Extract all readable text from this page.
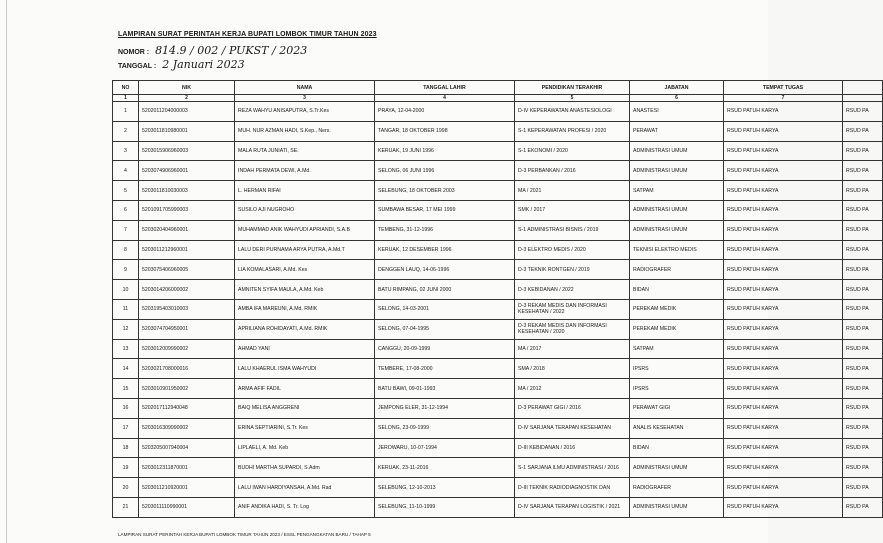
LAMPIRAN SURAT PERINTAH KERJA BUPATI LOMBOK TIMUR TAHUN 2023
NOMOR : 814.9 / 002 / PUKST / 2023
TANGGAL : 2 Januari 2023
NO	NIK	NAMA	TANGGAL LAHIR	PENDIDIKAN TERAKHIR	JABATAN	TEMPAT TUGAS	
1	2	3	4	5	6	7	
1	5202011204000003	REZA WAHYU ANISAPUTRA, S.Tr.Kes	PRAYA, 12-04-2000	D-IV KEPERAWATAN ANASTESIOLOGI	ANASTESI	RSUD PATUH KARYA	RSUD PA
2	5203011810980001	MUH. NUR AZMAN HADI, S.Kep., Ners.	TANGAR, 18 OKTOBER 1998	S-1 KEPERAWATAN PROFESI / 2020	PERAWAT	RSUD PATUH KARYA	RSUD PA
3	5203015906960003	MALA RUTA JUNIATI, SE.	KERUAK, 19 JUNI 1996	S-1 EKONOMI / 2020	ADMINISTRASI UMUM	RSUD PATUH KARYA	RSUD PA
4	5203074906960001	INDAH PERMATA DEWI, A.Md.	SELONG, 06 JUNI 1996	D-3 PERBANKAN / 2016	ADMINISTRASI UMUM	RSUD PATUH KARYA	RSUD PA
5	5203011810030003	L. HERMAN RIFAI	SELEBUNG, 18 OKTOBER 2003	MA / 2021	SATPAM	RSUD PATUH KARYA	RSUD PA
6	5201091705990003	SUSILO AJI NUGROHO	SUMBAWA BESAR, 17 MEI 1999	SMK / 2017	ADMINISTRASI UMUM	RSUD PATUH KARYA	RSUD PA
7	5203020404960001	MUHAMMAD ANIK WAHYUDI APRIANDI, S.A.B	TEMBENG, 31-12-1996	S-1 ADMINISTRASI BISNIS / 2019	ADMINISTRASI UMUM	RSUD PATUH KARYA	RSUD PA
8	5203011212960001	LALU DERI PURNAMA ARYA PUTRA, A.Md.T	KERUAK, 12 DESEMBER 1996	D-3 ELEKTRO MEDIS / 2020	TEKNISI ELEKTRO MEDIS	RSUD PATUH KARYA	RSUD PA
9	5203075406960005	LIA KOMALASARI, A.Md. Kes	DENGGEN LAUQ, 14-06-1996	D-3 TEKNIK RONTGEN / 2019	RADIOGRAFER	RSUD PATUH KARYA	RSUD PA
10	5203014206000002	AMNITEN SYIFA MAULA, A.Md. Keb	BATU RIMPANG, 02 JUNI 2000	D-3 KEBIDANAN / 2022	BIDAN	RSUD PATUH KARYA	RSUD PA
11	5203195403010003	AMBA IFA MAREUNI, A.Md. RMIK	SELONG, 14-03-2001	D-3 REKAM MEDIS DAN INFORMASI KESEHATAN / 2022	PEREKAM MEDIK	RSUD PATUH KARYA	RSUD PA
12	5203074704950001	APRILIANA ROHIDAYATI, A.Md. RMIK	SELONG, 07-04-1995	D-3 REKAM MEDIS DAN INFORMASI KESEHATAN / 2020	PEREKAM MEDIK	RSUD PATUH KARYA	RSUD PA
13	5203012009990002	AHMAD YANI	CANGGU, 20-09-1999	MA / 2017	SATPAM	RSUD PATUH KARYA	RSUD PA
14	5203021708000016	LALU KHAERUL ISMA WAHYUDI	TEMBERE, 17-08-2000	SMA / 2018	IPSRS	RSUD PATUH KARYA	RSUD PA
15	5203010901950002	ARMA AFIF FADIL	BATU BAWI, 09-01-1993	MA / 2012	IPSRS	RSUD PATUH KARYA	RSUD PA
16	5202017112940048	BAIQ MELISA ANGGRENI	JEMPONG ELER, 31-12-1994	D-3 PERAWAT GIGI / 2016	PERAWAT GIGI	RSUD PATUH KARYA	RSUD PA
17	5203016309990002	ERINA SEPTIARINI, S.Tr. Kes	SELONG, 23-09-1999	D-IV SARJANA TERAPAN KESEHATAN	ANALIS KESEHATAN	RSUD PATUH KARYA	RSUD PA
18	5203205007940004	LIPLAELI, A. Md. Keb	JEROWARU, 10-07-1994	D-III KEBIDANAN / 2016	BIDAN	RSUD PATUH KARYA	RSUD PA
19	5203012311870001	BUDHI MARTHA SUPARDI, S.Adm	KERUAK, 23-11-2016	S-1 SARJANA ILMU ADMINISTRASI / 2016	ADMINISTRASI UMUM	RSUD PATUH KARYA	RSUD PA
20	5203011210920001	LALU IWAN HARDIYANSAH, A.Md. Rad	SELEBUNG, 12-10-2013	D-III TEKNIK RADIODIAGNOSTIK DAN	RADIOGRAFER	RSUD PATUH KARYA	RSUD PA
21	5203011110990001	ANIF ANDIKA HADI, S. Tr. Log	SELEBUNG, 11-10-1999	D-IV SARJANA TERAPAN LOGISTIK / 2021	ADMINISTRASI UMUM	RSUD PATUH KARYA	RSUD PA
LAMPIRAN SURAT PERINTAH KERJA BUPATI LOMBOK TIMUR TAHUN 2023 / ESSL PENGANGKATAN BARU / TAHAP 5
